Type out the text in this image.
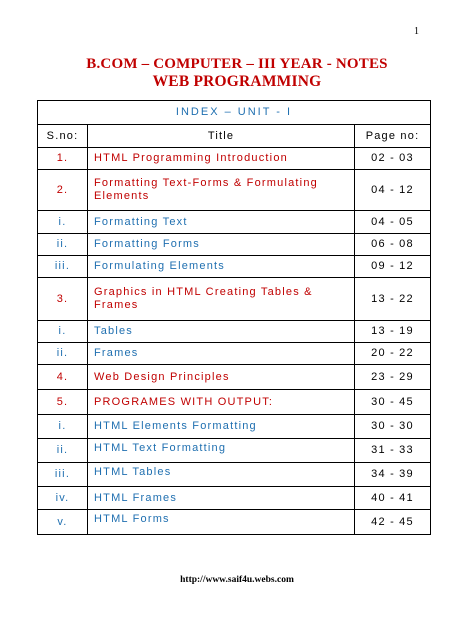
1
B.COM – COMPUTER – III YEAR - NOTES
WEB PROGRAMMING
INDEX – UNIT - I		
S.no:	Title	Page no:
1.	HTML Programming Introduction	02 - 03
2.	Formatting Text-Forms & Formulating Elements	04 - 12
i.	Formatting Text	04 - 05
ii.	Formatting Forms	06 - 08
iii.	Formulating Elements	09 - 12
3.	Graphics in HTML Creating Tables & Frames	13 - 22
i.	Tables	13 - 19
ii.	Frames	20 - 22
4.	Web Design Principles	23 - 29
5.	PROGRAMES WITH OUTPUT:	30 - 45
i.	HTML Elements Formatting	30 - 30
ii.	HTML Text Formatting	31 - 33
iii.	HTML Tables	34 - 39
iv.	HTML Frames	40 - 41
v.	HTML Forms	42 - 45
http://www.saif4u.webs.com
